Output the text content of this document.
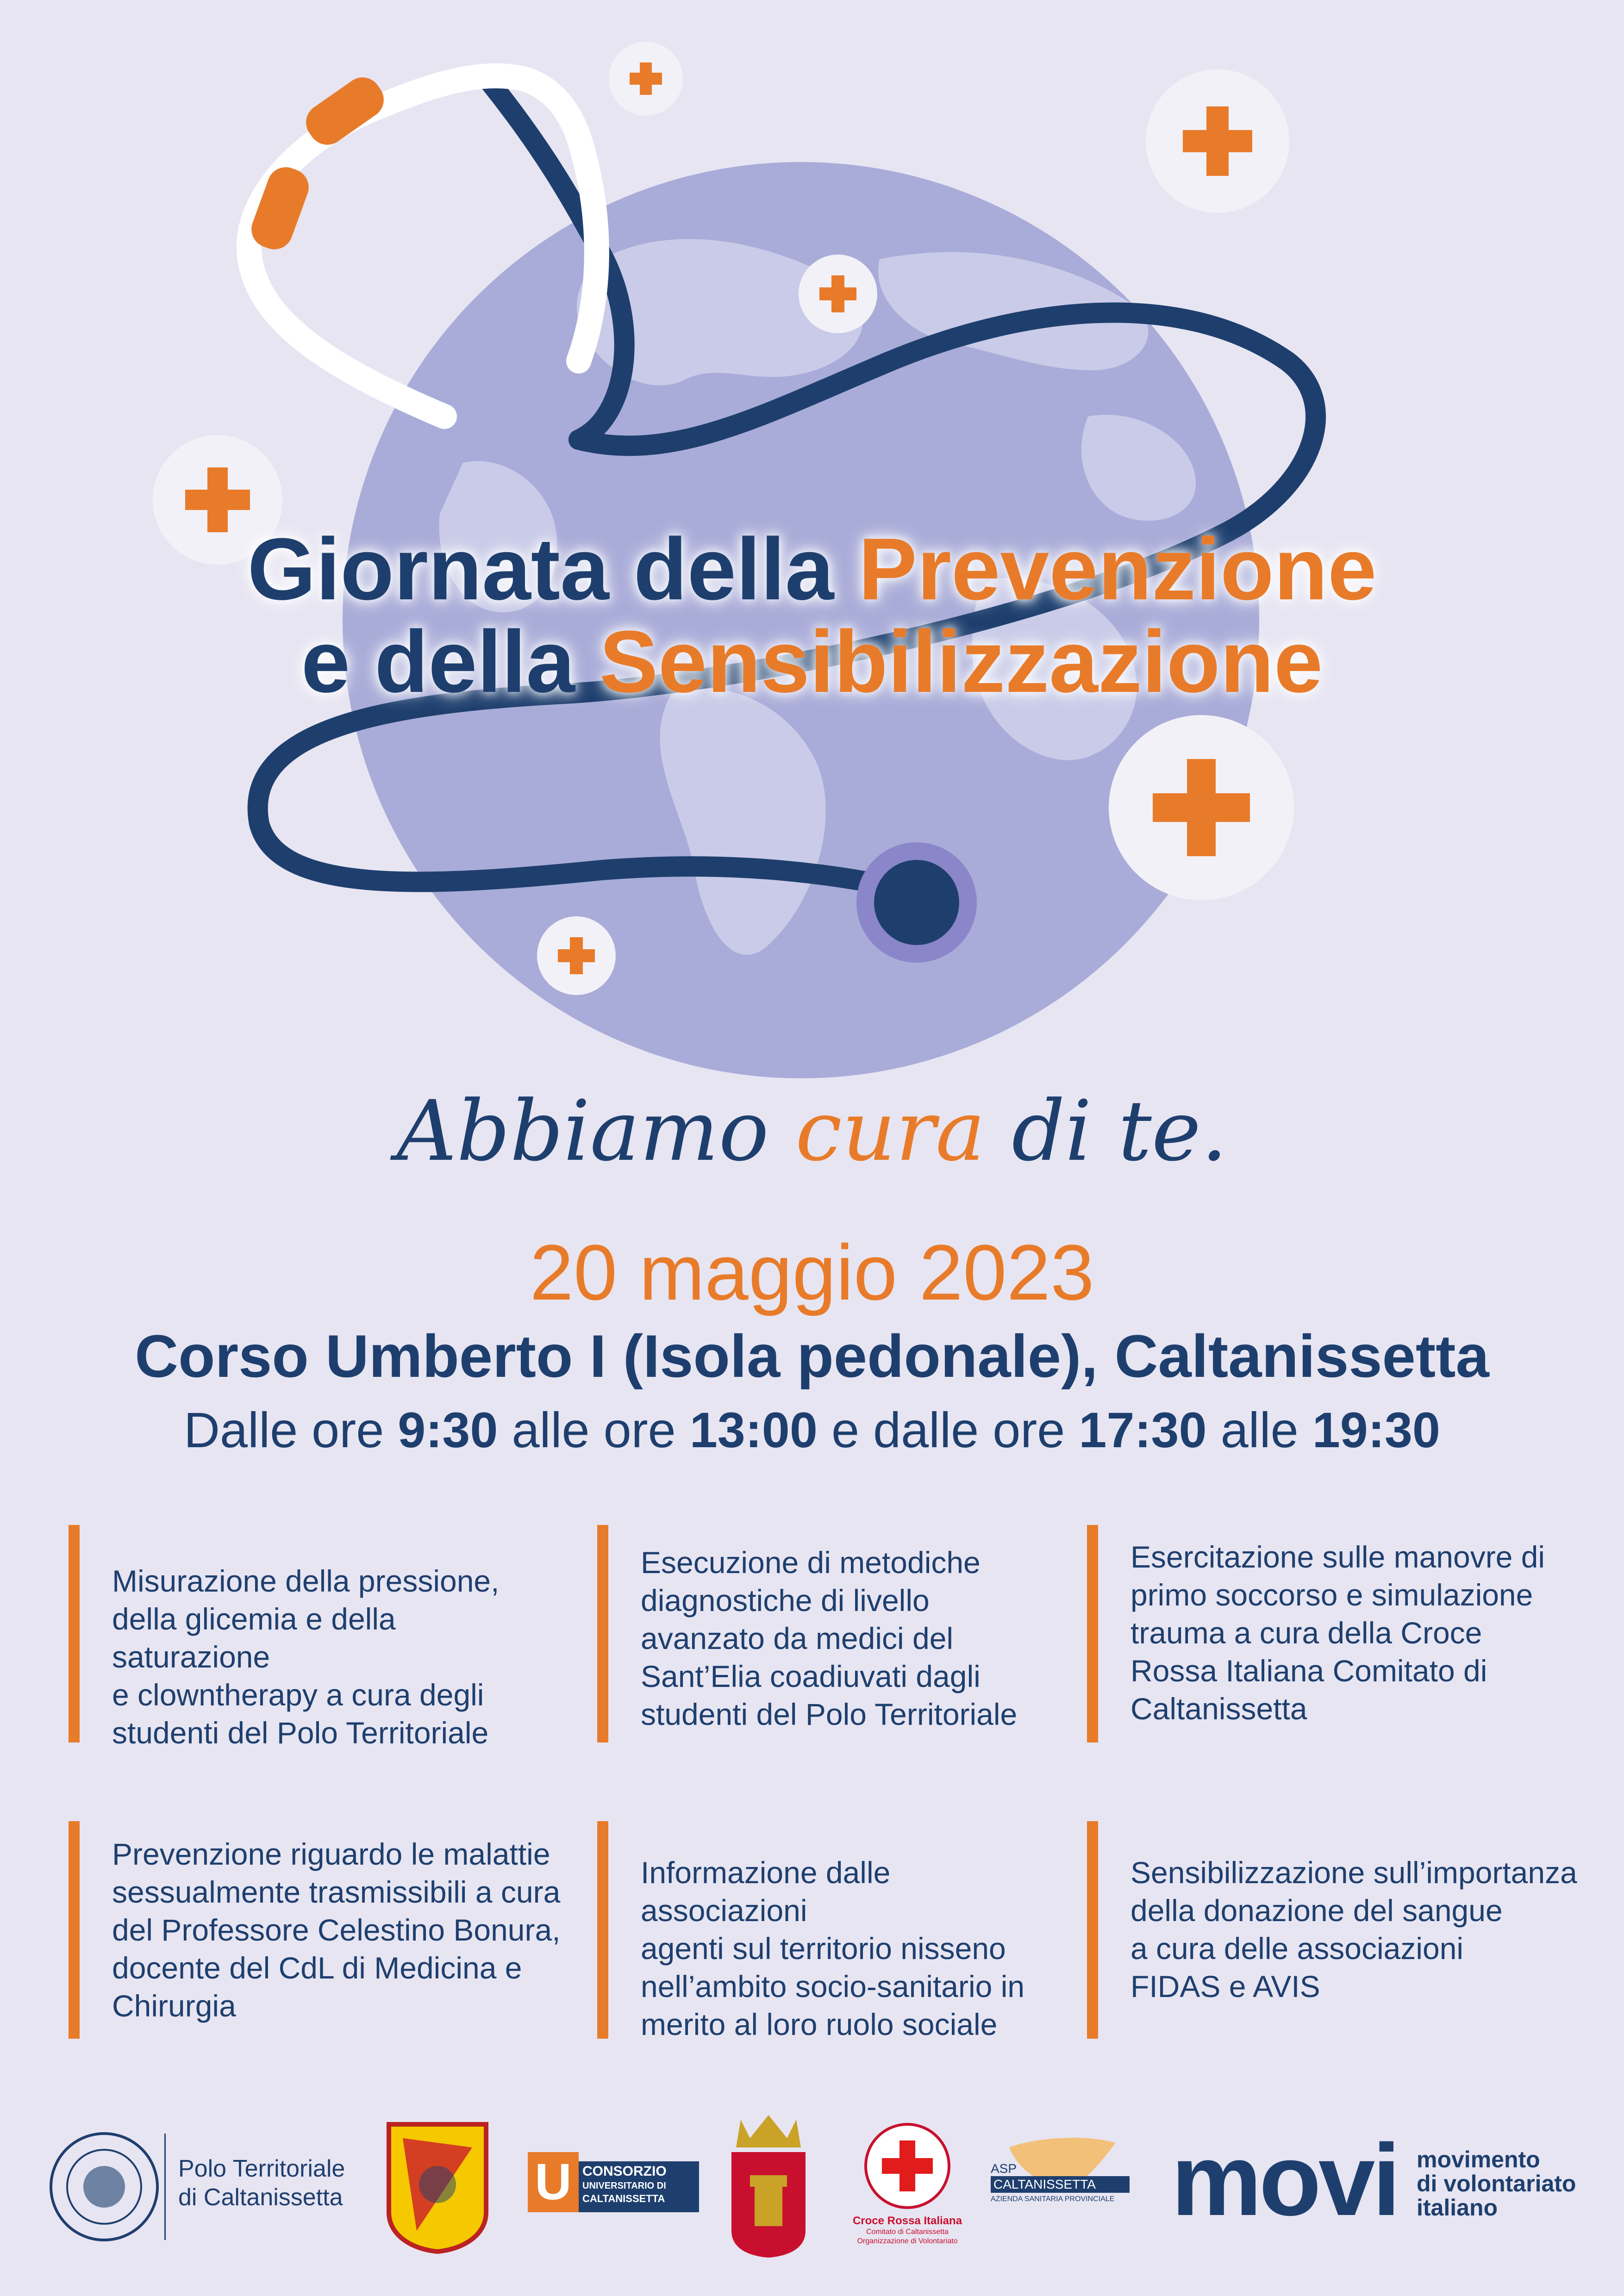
Giornata della Prevenzione
e della Sensibilizzazione
Abbiamo cura di te.
20 maggio 2023
Corso Umberto I (Isola pedonale), Caltanissetta
Dalle ore 9:30 alle ore 13:00 e dalle ore 17:30 alle 19:30

Misurazione della pressione,

della glicemia e della saturazione

e clowntherapy a cura degli

studenti del Polo Territoriale

Esecuzione di metodiche

diagnostiche di livello

avanzato da medici del

Sant’Elia coadiuvati dagli

studenti del Polo Territoriale

Esercitazione sulle manovre di

primo soccorso e simulazione

trauma a cura della Croce

Rossa Italiana Comitato di

Caltanissetta

Prevenzione riguardo le malattie

sessualmente trasmissibili a cura

del Professore Celestino Bonura,

docente del CdL di Medicina e

Chirurgia

Informazione dalle associazioni

agenti sul territorio nisseno

nell’ambito socio-sanitario in

merito al loro ruolo sociale

Sensibilizzazione sull’importanza

della donazione del sangue

a cura delle associazioni

FIDAS e AVIS

Polo Territoriale
di Caltanissetta	U CONSORZIO
UNIVERSITARIO DI
CALTANISSETTA
Croce Rossa Italiana
Comitato di Caltanissetta
Organizzazione di Volontariato
ASP
CALTANISSETTA
AZIENDA SANITARIA PROVINCIALE movi movimento
di volontariato
italiano
